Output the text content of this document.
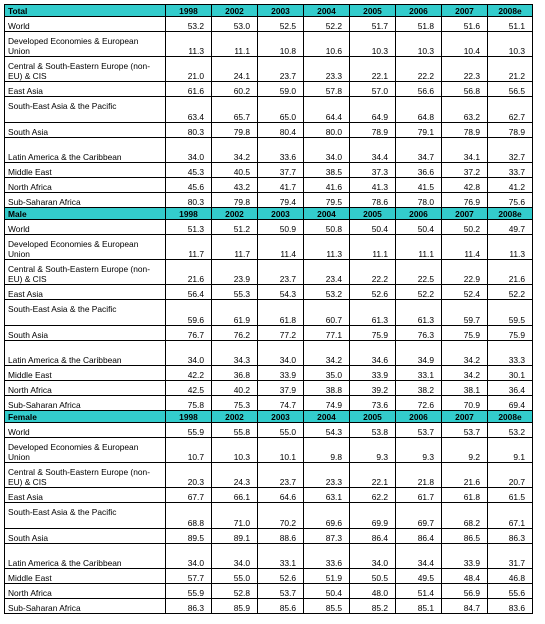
Total	1998	2002	2003	2004	2005	2006	2007	2008e
World	53.2	53.0	52.5	52.2	51.7	51.8	51.6	51.1
Developed Economies & European Union	11.3	11.1	10.8	10.6	10.3	10.3	10.4	10.3
Central & South-Eastern Europe (non-EU) & CIS	21.0	24.1	23.7	23.3	22.1	22.2	22.3	21.2
East Asia	61.6	60.2	59.0	57.8	57.0	56.6	56.8	56.5
South-East Asia & the Pacific	63.4	65.7	65.0	64.4	64.9	64.8	63.2	62.7
South Asia	80.3	79.8	80.4	80.0	78.9	79.1	78.9	78.9
Latin America & the Caribbean	34.0	34.2	33.6	34.0	34.4	34.7	34.1	32.7
Middle East	45.3	40.5	37.7	38.5	37.3	36.6	37.2	33.7
North Africa	45.6	43.2	41.7	41.6	41.3	41.5	42.8	41.2
Sub-Saharan Africa	80.3	79.8	79.4	79.5	78.6	78.0	76.9	75.6
Male	1998	2002	2003	2004	2005	2006	2007	2008e
World	51.3	51.2	50.9	50.8	50.4	50.4	50.2	49.7
Developed Economies & European Union	11.7	11.7	11.4	11.3	11.1	11.1	11.4	11.3
Central & South-Eastern Europe (non-EU) & CIS	21.6	23.9	23.7	23.4	22.2	22.5	22.9	21.6
East Asia	56.4	55.3	54.3	53.2	52.6	52.2	52.4	52.2
South-East Asia & the Pacific	59.6	61.9	61.8	60.7	61.3	61.3	59.7	59.5
South Asia	76.7	76.2	77.2	77.1	75.9	76.3	75.9	75.9
Latin America & the Caribbean	34.0	34.3	34.0	34.2	34.6	34.9	34.2	33.3
Middle East	42.2	36.8	33.9	35.0	33.9	33.1	34.2	30.1
North Africa	42.5	40.2	37.9	38.8	39.2	38.2	38.1	36.4
Sub-Saharan Africa	75.8	75.3	74.7	74.9	73.6	72.6	70.9	69.4
Female	1998	2002	2003	2004	2005	2006	2007	2008e
World	55.9	55.8	55.0	54.3	53.8	53.7	53.7	53.2
Developed Economies & European Union	10.7	10.3	10.1	9.8	9.3	9.3	9.2	9.1
Central & South-Eastern Europe (non-EU) & CIS	20.3	24.3	23.7	23.3	22.1	21.8	21.6	20.7
East Asia	67.7	66.1	64.6	63.1	62.2	61.7	61.8	61.5
South-East Asia & the Pacific	68.8	71.0	70.2	69.6	69.9	69.7	68.2	67.1
South Asia	89.5	89.1	88.6	87.3	86.4	86.4	86.5	86.3
Latin America & the Caribbean	34.0	34.0	33.1	33.6	34.0	34.4	33.9	31.7
Middle East	57.7	55.0	52.6	51.9	50.5	49.5	48.4	46.8
North Africa	55.9	52.8	53.7	50.4	48.0	51.4	56.9	55.6
Sub-Saharan Africa	86.3	85.9	85.6	85.5	85.2	85.1	84.7	83.6
